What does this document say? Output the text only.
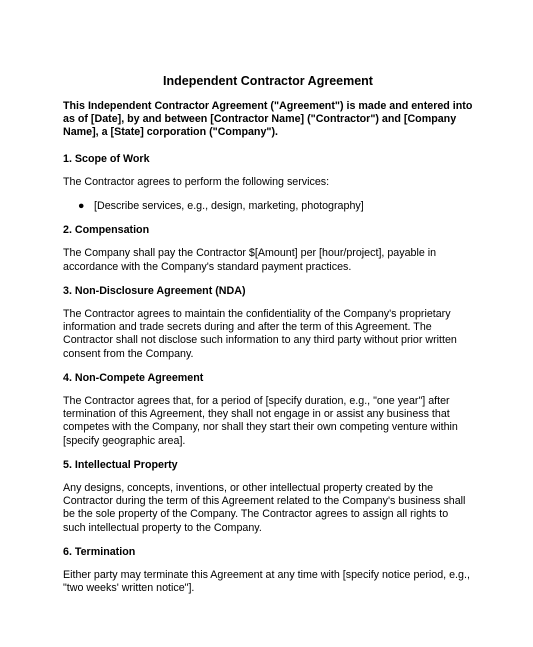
Independent Contractor Agreement

This Independent Contractor Agreement ("Agreement") is made and entered into as of [Date], by and between [Contractor Name] ("Contractor") and [Company Name], a [State] corporation ("Company").

1. Scope of Work

The Contractor agrees to perform the following services:

● [Describe services, e.g., design, marketing, photography]
2. Compensation

The Company shall pay the Contractor $[Amount] per [hour/project], payable in accordance with the Company's standard payment practices.

3. Non-Disclosure Agreement (NDA)

The Contractor agrees to maintain the confidentiality of the Company's proprietary information and trade secrets during and after the term of this Agreement. The Contractor shall not disclose such information to any third party without prior written consent from the Company.

4. Non-Compete Agreement

The Contractor agrees that, for a period of [specify duration, e.g., "one year"] after termination of this Agreement, they shall not engage in or assist any business that competes with the Company, nor shall they start their own competing venture within [specify geographic area].

5. Intellectual Property

Any designs, concepts, inventions, or other intellectual property created by the Contractor during the term of this Agreement related to the Company's business shall be the sole property of the Company. The Contractor agrees to assign all rights to such intellectual property to the Company.

6. Termination

Either party may terminate this Agreement at any time with [specify notice period, e.g., "two weeks' written notice"].
